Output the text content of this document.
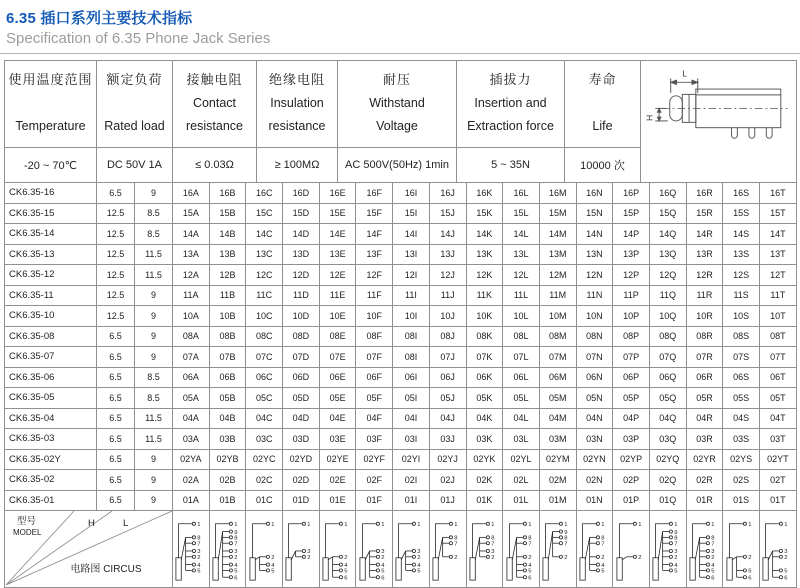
6.35 插口系列主要技术指标
Specification of 6.35 Phone Jack Series
使用温度范围
Temperature

额定负荷
Rated load

接触电阻
Contact
resistance

绝缘电阻
Insulation
resistance

耐压
Withstand
Voltage

插拔力
Insertion and
Extraction force

寿命
Life

L
H

-20 ~ 70℃	DC 50V 1A	≤ 0.03Ω	≥ 100MΩ	AC 500V(50Hz) 1min	5 ~ 35N	10000 次	
CK6.35-16	6.5	9	16A	16B	16C	16D	16E	16F	16I	16J	16K	16L	16M	16N	16P	16Q	16R	16S	16T
CK6.35-15	12.5	8.5	15A	15B	15C	15D	15E	15F	15I	15J	15K	15L	15M	15N	15P	15Q	15R	15S	15T
CK6.35-14	12.5	8.5	14A	14B	14C	14D	14E	14F	14I	14J	14K	14L	14M	14N	14P	14Q	14R	14S	14T
CK6.35-13	12.5	11.5	13A	13B	13C	13D	13E	13F	13I	13J	13K	13L	13M	13N	13P	13Q	13R	13S	13T
CK6.35-12	12.5	11.5	12A	12B	12C	12D	12E	12F	12I	12J	12K	12L	12M	12N	12P	12Q	12R	12S	12T
CK6.35-11	12.5	9	11A	11B	11C	11D	11E	11F	11I	11J	11K	11L	11M	11N	11P	11Q	11R	11S	11T
CK6.35-10	12.5	9	10A	10B	10C	10D	10E	10F	10I	10J	10K	10L	10M	10N	10P	10Q	10R	10S	10T
CK6.35-08	6.5	9	08A	08B	08C	08D	08E	08F	08I	08J	08K	08L	08M	08N	08P	08Q	08R	08S	08T
CK6.35-07	6.5	9	07A	07B	07C	07D	07E	07F	08I	07J	07K	07L	07M	07N	07P	07Q	07R	07S	07T
CK6.35-06	6.5	8.5	06A	06B	06C	06D	06E	06F	06I	06J	06K	06L	06M	06N	06P	06Q	06R	06S	06T
CK6.35-05	6.5	8.5	05A	05B	05C	05D	05E	05F	05I	05J	05K	05L	05M	05N	05P	05Q	05R	05S	05T
CK6.35-04	6.5	11.5	04A	04B	04C	04D	04E	04F	04I	04J	04K	04L	04M	04N	04P	04Q	04R	04S	04T
CK6.35-03	6.5	11.5	03A	03B	03C	03D	03E	03F	03I	03J	03K	03L	03M	03N	03P	03Q	03R	03S	03T
CK6.35-02Y	6.5	9	02YA	02YB	02YC	02YD	02YE	02YF	02YI	02YJ	02YK	02YL	02YM	02YN	02YP	02YQ	02YR	02YS	02YT
CK6.35-02	6.5	9	02A	02B	02C	02D	02E	02F	02I	02J	02K	02L	02M	02N	02P	02Q	02R	02S	02T
CK6.35-01	6.5	9	01A	01B	01C	01D	01E	01F	01I	01J	01K	01L	01M	01N	01P	01Q	01R	01S	01T

型号
MODEL
H	L
电路图 CIRCUS

1
8
7
3
2
4
5

1
9
8
7
3
2
4
5
6

1
2
4
5

1
3
2

1
2
4
5
6

1
3
2
4
5
6

1
3
2
4
5

1
8
7
2

1
8
7
3
2

1
8
7
2
4
5
6

1
9
8
7
2

1
8
7
2
4
5

1
2

1
9
8
7
3
2
4
5

1
8
7
3
2
4
5
6

1
2
5
6

1
3
2
5
6
